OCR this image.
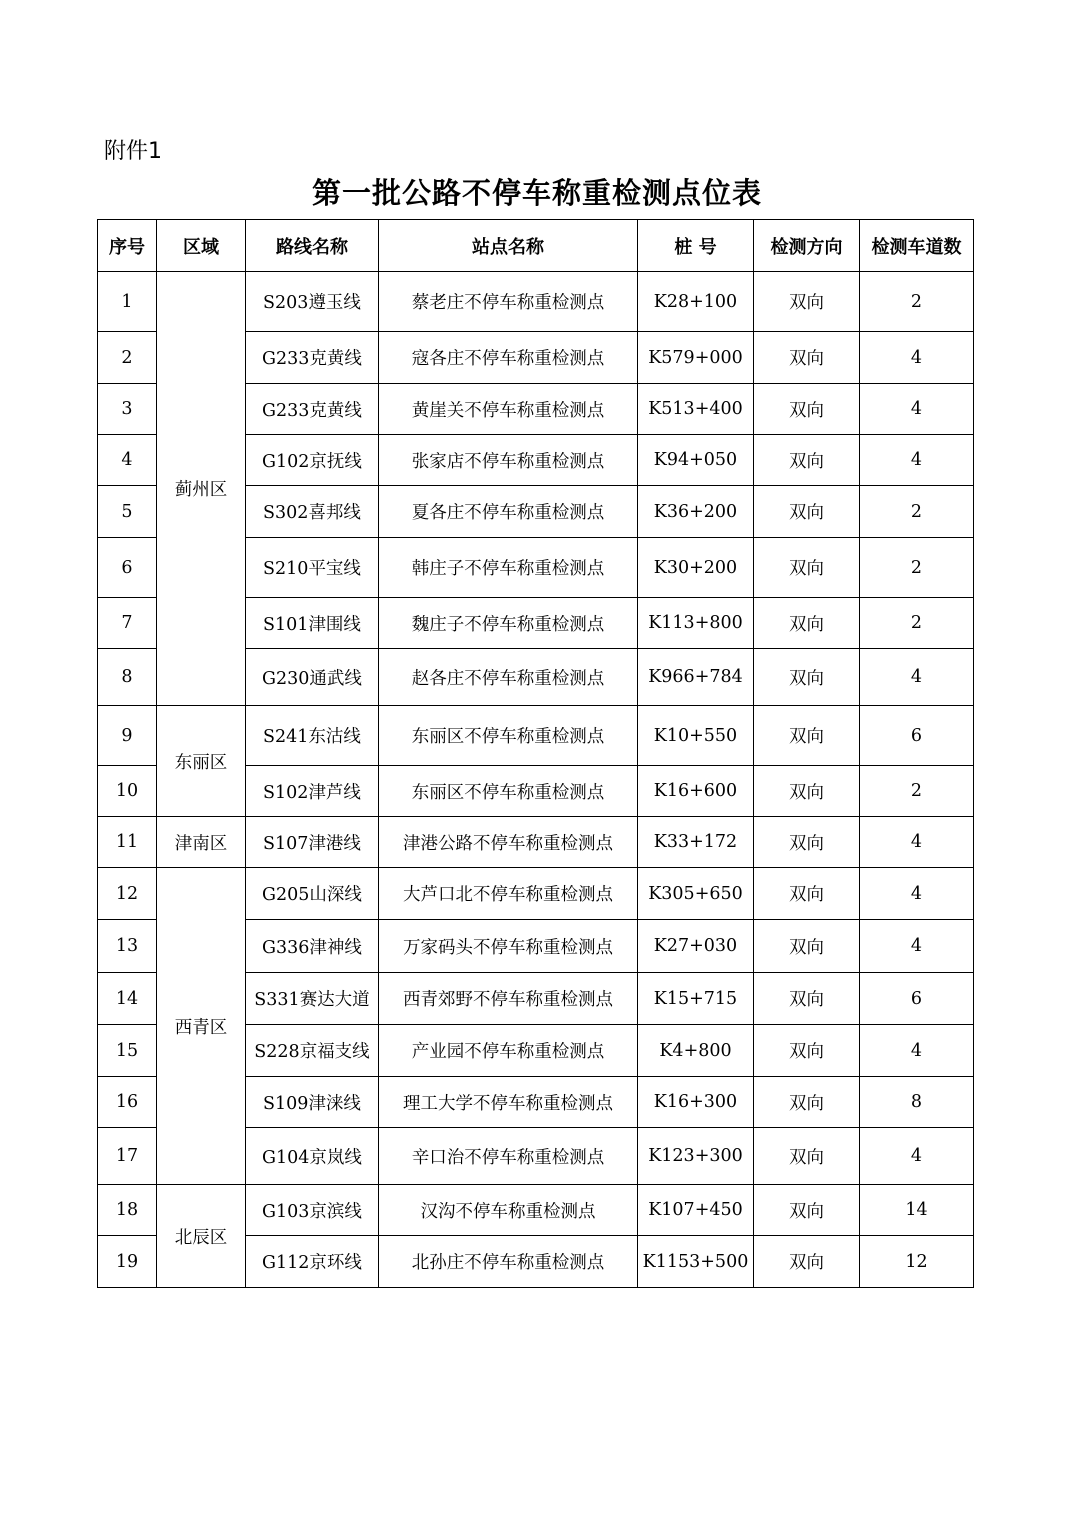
附件1
第一批公路不停车称重检测点位表
序号	区域	路线名称	站点名称	桩 号	检测方向	检测车道数
1	蓟州区	S203遵玉线	蔡老庄不停车称重检测点	K28+100	双向	2
2		G233克黄线	寇各庄不停车称重检测点	K579+000	双向	4
3		G233克黄线	黄崖关不停车称重检测点	K513+400	双向	4
4		G102京抚线	张家店不停车称重检测点	K94+050	双向	4
5		S302喜邦线	夏各庄不停车称重检测点	K36+200	双向	2
6		S210平宝线	韩庄子不停车称重检测点	K30+200	双向	2
7		S101津围线	魏庄子不停车称重检测点	K113+800	双向	2
8		G230通武线	赵各庄不停车称重检测点	K966+784	双向	4
9	东丽区	S241东沽线	东丽区不停车称重检测点	K10+550	双向	6
10		S102津芦线	东丽区不停车称重检测点	K16+600	双向	2
11	津南区	S107津港线	津港公路不停车称重检测点	K33+172	双向	4
12	西青区	G205山深线	大芦口北不停车称重检测点	K305+650	双向	4
13		G336津神线	万家码头不停车称重检测点	K27+030	双向	4
14		S331赛达大道	西青郊野不停车称重检测点	K15+715	双向	6
15		S228京福支线	产业园不停车称重检测点	K4+800	双向	4
16		S109津涞线	理工大学不停车称重检测点	K16+300	双向	8
17		G104京岚线	辛口治不停车称重检测点	K123+300	双向	4
18	北辰区	G103京滨线	汉沟不停车称重检测点	K107+450	双向	14
19		G112京环线	北孙庄不停车称重检测点	K1153+500	双向	12
